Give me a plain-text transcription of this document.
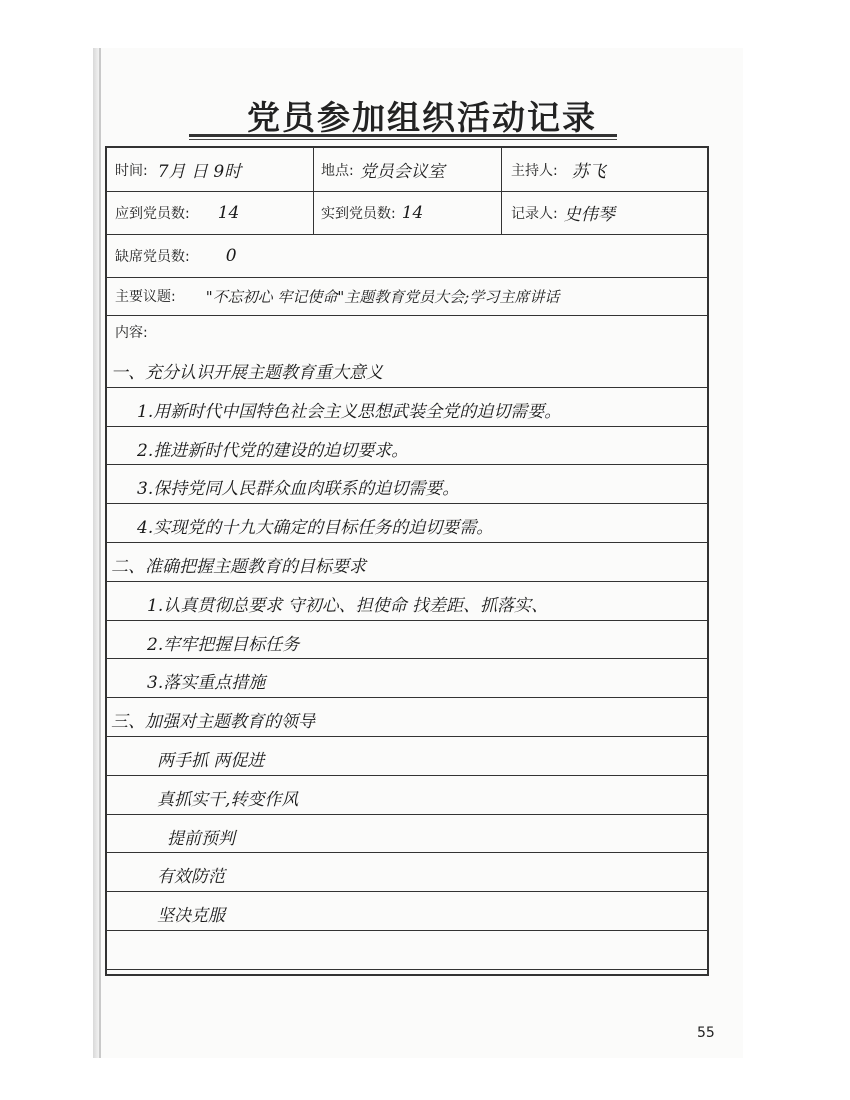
党员参加组织活动记录
时间: 7月 日 9时	地点: 党员会议室	主持人: 苏飞
应到党员数: 14	实到党员数: 14	记录人: 史伟琴
缺席党员数: 0
主要议题: "不忘初心 牢记使命"主题教育党员大会;学习主席讲话
内容:
一、充分认识开展主题教育重大意义
1.用新时代中国特色社会主义思想武装全党的迫切需要。
2.推进新时代党的建设的迫切要求。
3.保持党同人民群众血肉联系的迫切需要。
4.实现党的十九大确定的目标任务的迫切要需。
二、准确把握主题教育的目标要求
1.认真贯彻总要求 守初心、担使命 找差距、抓落实、
2.牢牢把握目标任务
3.落实重点措施
三、加强对主题教育的领导
两手抓 两促进
真抓实干,转变作风
提前预判
有效防范
坚决克服
55
